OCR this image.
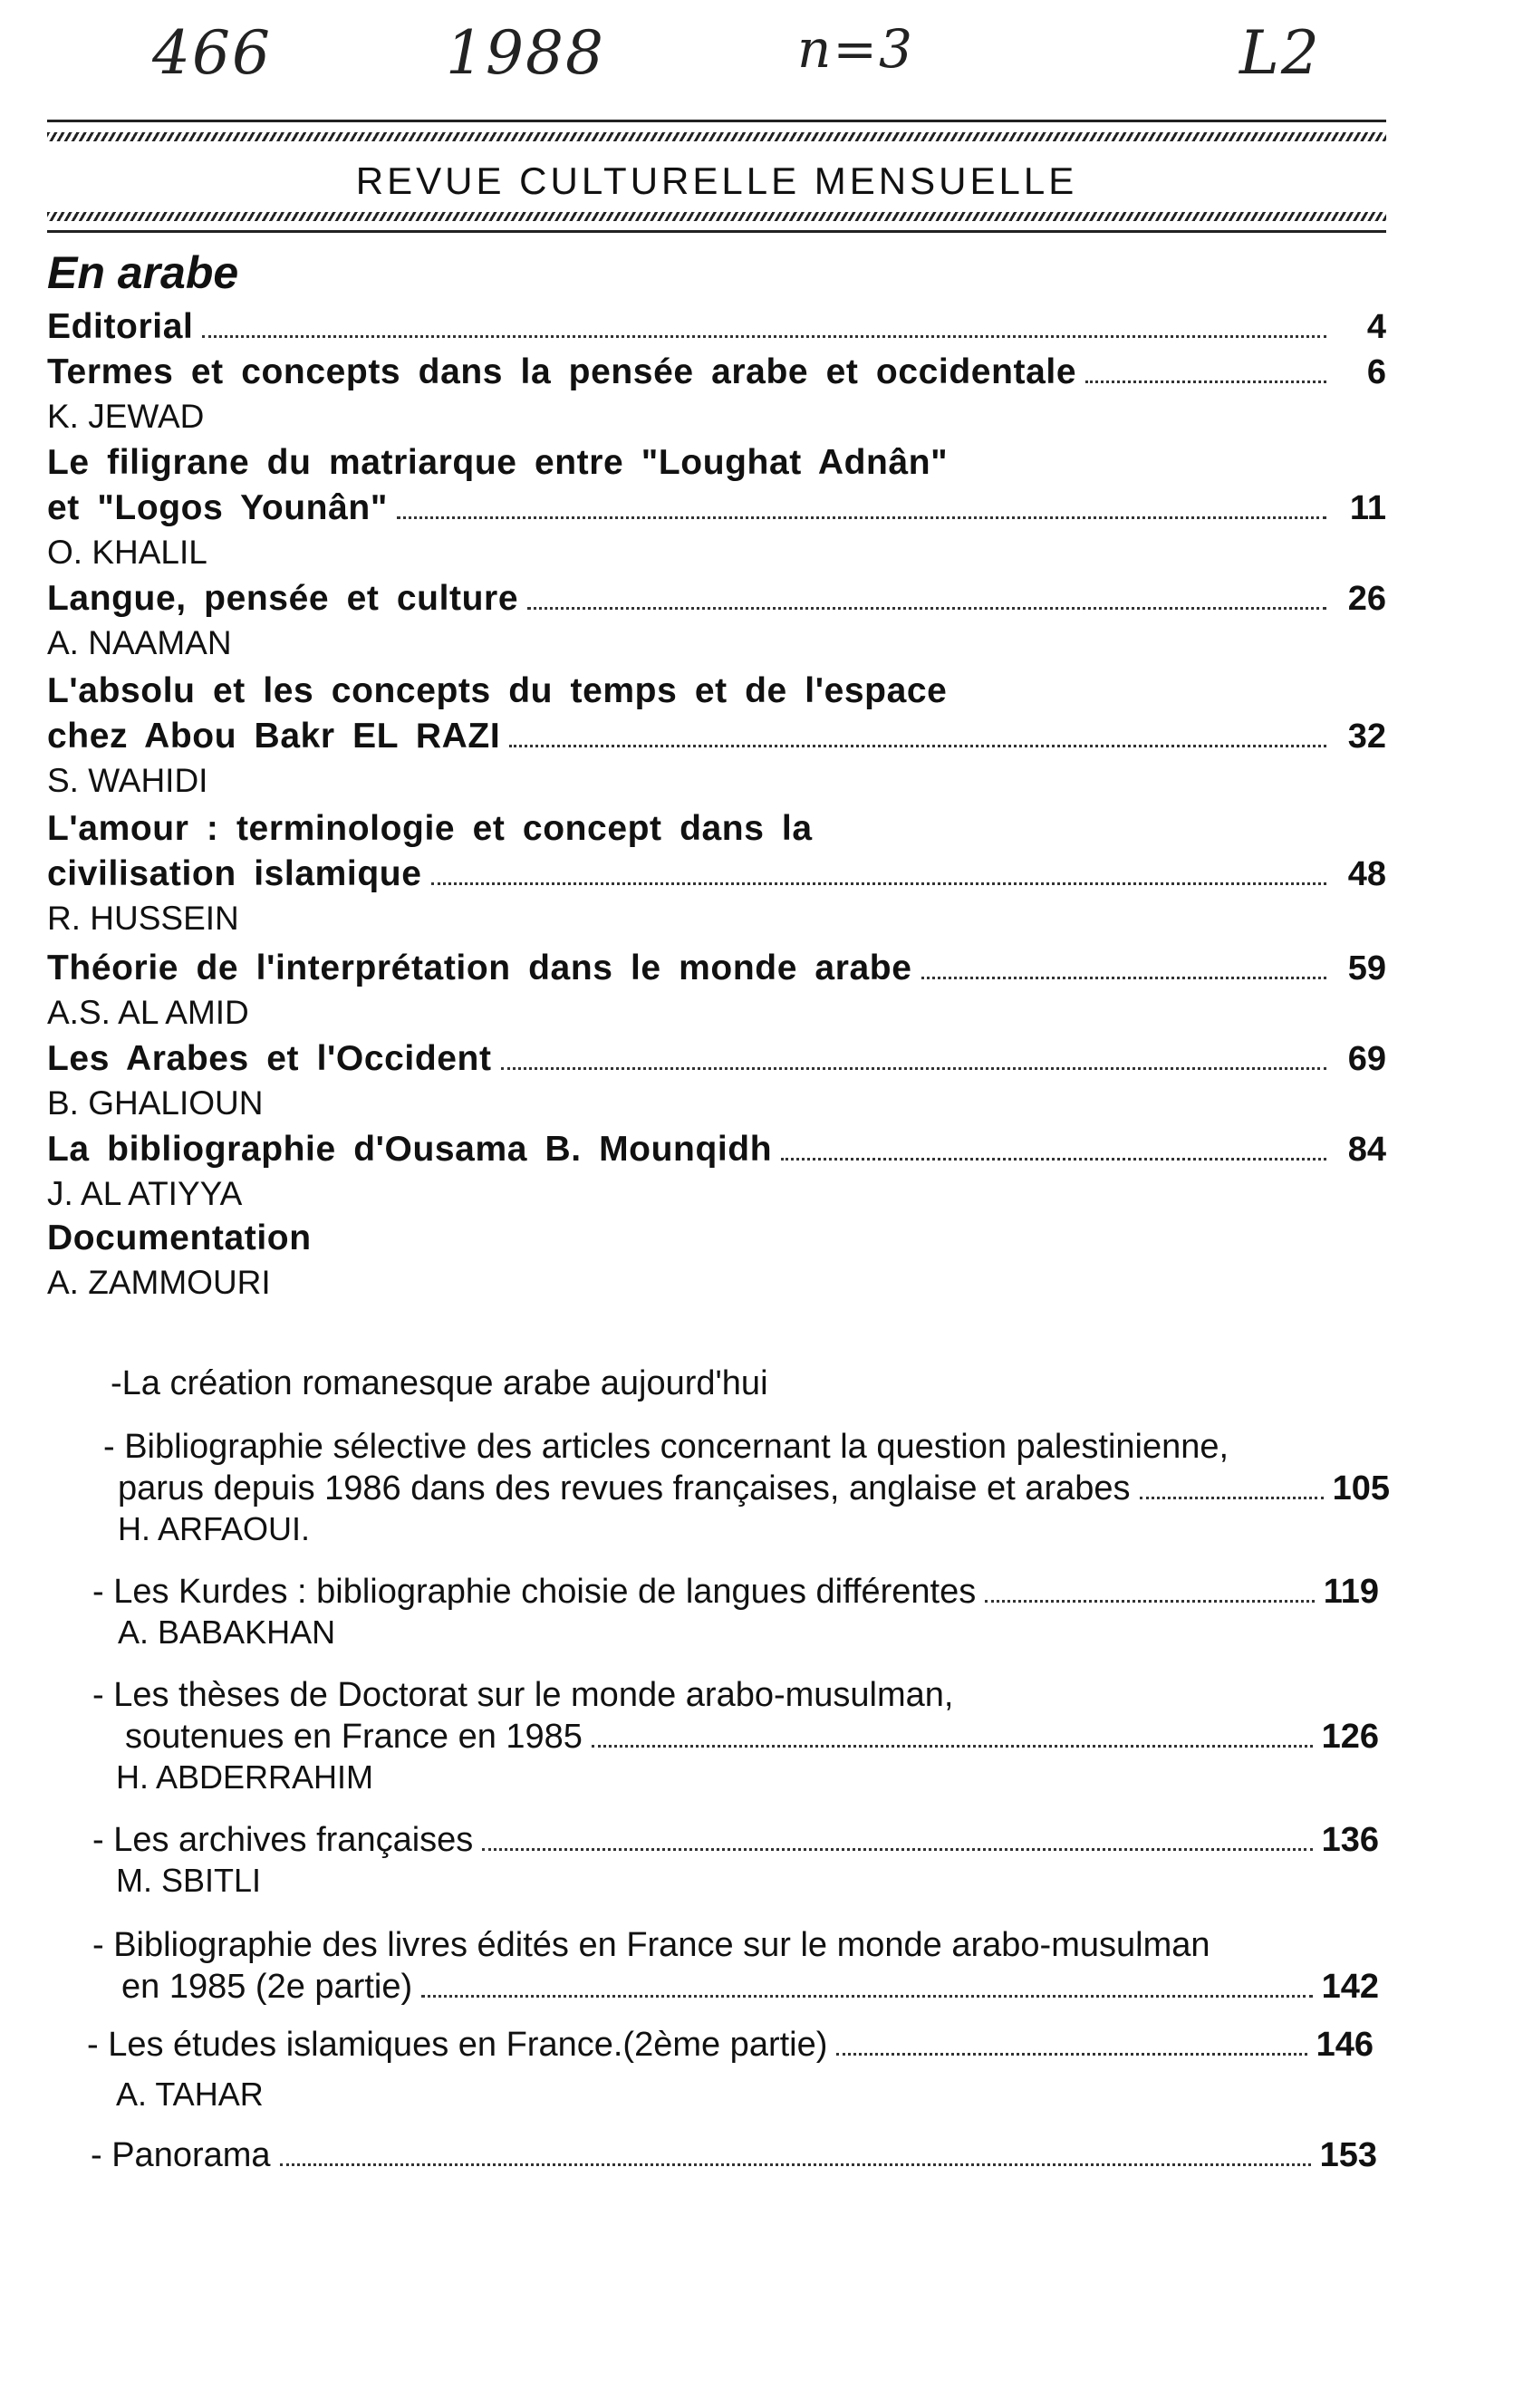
466	1988	n=3	L2
REVUE CULTURELLE MENSUELLE
En arabe
Editorial	4
Termes et concepts dans la pensée arabe et occidentale	6
K. JEWAD
Le filigrane du matriarque entre "Loughat Adnân"
et "Logos Younân"	11
O. KHALIL
Langue, pensée et culture	26
A. NAAMAN
L'absolu et les concepts du temps et de l'espace
chez Abou Bakr EL RAZI	32
S. WAHIDI
L'amour : terminologie et concept dans la
civilisation islamique	48
R. HUSSEIN
Théorie de l'interprétation dans le monde arabe	59
A.S. AL AMID
Les Arabes et l'Occident	69
B. GHALIOUN
La bibliographie d'Ousama B. Mounqidh	84
J. AL ATIYYA
Documentation
A. ZAMMOURI
-La création romanesque arabe aujourd'hui
- Bibliographie sélective des articles concernant la question palestinienne,
parus depuis 1986 dans des revues françaises, anglaise et arabes	105
H. ARFAOUI.
- Les Kurdes : bibliographie choisie de langues différentes	119
A. BABAKHAN
- Les thèses de Doctorat sur le monde arabo-musulman,
soutenues en France en 1985	126
H. ABDERRAHIM
- Les archives françaises	136
M. SBITLI
- Bibliographie des livres édités en France sur le monde arabo-musulman
en 1985 (2e partie)	142
- Les études islamiques en France.(2ème partie)	146
A. TAHAR
- Panorama	153
